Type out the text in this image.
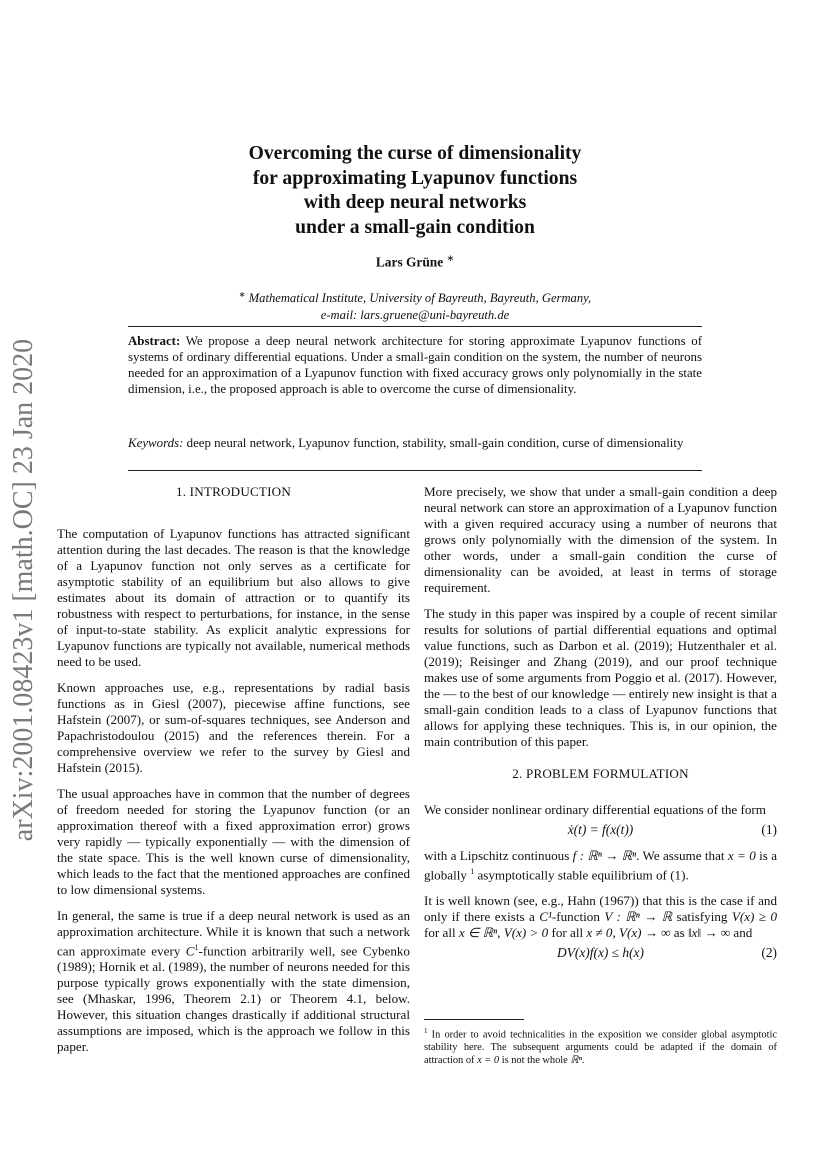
arXiv:2001.08423v1 [math.OC] 23 Jan 2020
Overcoming the curse of dimensionality
for approximating Lyapunov functions
with deep neural networks
under a small-gain condition
Lars Grüne ∗
∗ Mathematical Institute, University of Bayreuth, Bayreuth, Germany,
e-mail: lars.gruene@uni-bayreuth.de
Abstract: We propose a deep neural network architecture for storing approximate Lyapunov functions of systems of ordinary differential equations. Under a small-gain condition on the system, the number of neurons needed for an approximation of a Lyapunov function with fixed accuracy grows only polynomially in the state dimension, i.e., the proposed approach is able to overcome the curse of dimensionality.
Keywords: deep neural network, Lyapunov function, stability, small-gain condition, curse of dimensionality
1. INTRODUCTION

The computation of Lyapunov functions has attracted significant attention during the last decades. The reason is that the knowledge of a Lyapunov function not only serves as a certificate for asymptotic stability of an equilibrium but also allows to give estimates about its domain of attraction or to quantify its robustness with respect to perturbations, for instance, in the sense of input-to-state stability. As explicit analytic expressions for Lyapunov functions are typically not available, numerical methods need to be used.

Known approaches use, e.g., representations by radial basis functions as in Giesl (2007), piecewise affine functions, see Hafstein (2007), or sum-of-squares techniques, see Anderson and Papachristodoulou (2015) and the references therein. For a comprehensive overview we refer to the survey by Giesl and Hafstein (2015).

The usual approaches have in common that the number of degrees of freedom needed for storing the Lyapunov function (or an approximation thereof with a fixed approximation error) grows very rapidly — typically exponentially — with the dimension of the state space. This is the well known curse of dimensionality, which leads to the fact that the mentioned approaches are confined to low dimensional systems.

In general, the same is true if a deep neural network is used as an approximation architecture. While it is known that such a network can approximate every $C^1$-function arbitrarily well, see Cybenko (1989); Hornik et al. (1989), the number of neurons needed for this purpose typically grows exponentially with the state dimension, see (Mhaskar, 1996, Theorem 2.1) or Theorem 4.1, below. However, this situation changes drastically if additional structural assumptions are imposed, which is the approach we follow in this paper.

More precisely, we show that under a small-gain condition a deep neural network can store an approximation of a Lyapunov function with a given required accuracy using a number of neurons that grows only polynomially with the dimension of the system. In other words, under a small-gain condition the curse of dimensionality can be avoided, at least in terms of storage requirement.

The study in this paper was inspired by a couple of recent similar results for solutions of partial differential equations and optimal value functions, such as Darbon et al. (2019); Hutzenthaler et al. (2019); Reisinger and Zhang (2019), and our proof technique makes use of some arguments from Poggio et al. (2017). However, the — to the best of our knowledge — entirely new insight is that a small-gain condition leads to a class of Lyapunov functions that allows for applying these techniques. This is, in our opinion, the main contribution of this paper.

2. PROBLEM FORMULATION

We consider nonlinear ordinary differential equations of the form

ẋ(t) = f(x(t))	(1)

with a Lipschitz continuous f : ℝⁿ → ℝⁿ. We assume that x = 0 is a globally $^1$ asymptotically stable equilibrium of (1).

It is well known (see, e.g., Hahn (1967)) that this is the case if and only if there exists a C¹-function V : ℝⁿ → ℝ satisfying V(x) ≥ 0 for all x ∈ ℝⁿ, V(x) > 0 for all x ≠ 0, V(x) → ∞ as ‖x‖ → ∞ and

DV(x)f(x) ≤ h(x)	(2)
$^1$ In order to avoid technicalities in the exposition we consider global asymptotic stability here. The subsequent arguments could be adapted if the domain of attraction of x = 0 is not the whole ℝⁿ.
